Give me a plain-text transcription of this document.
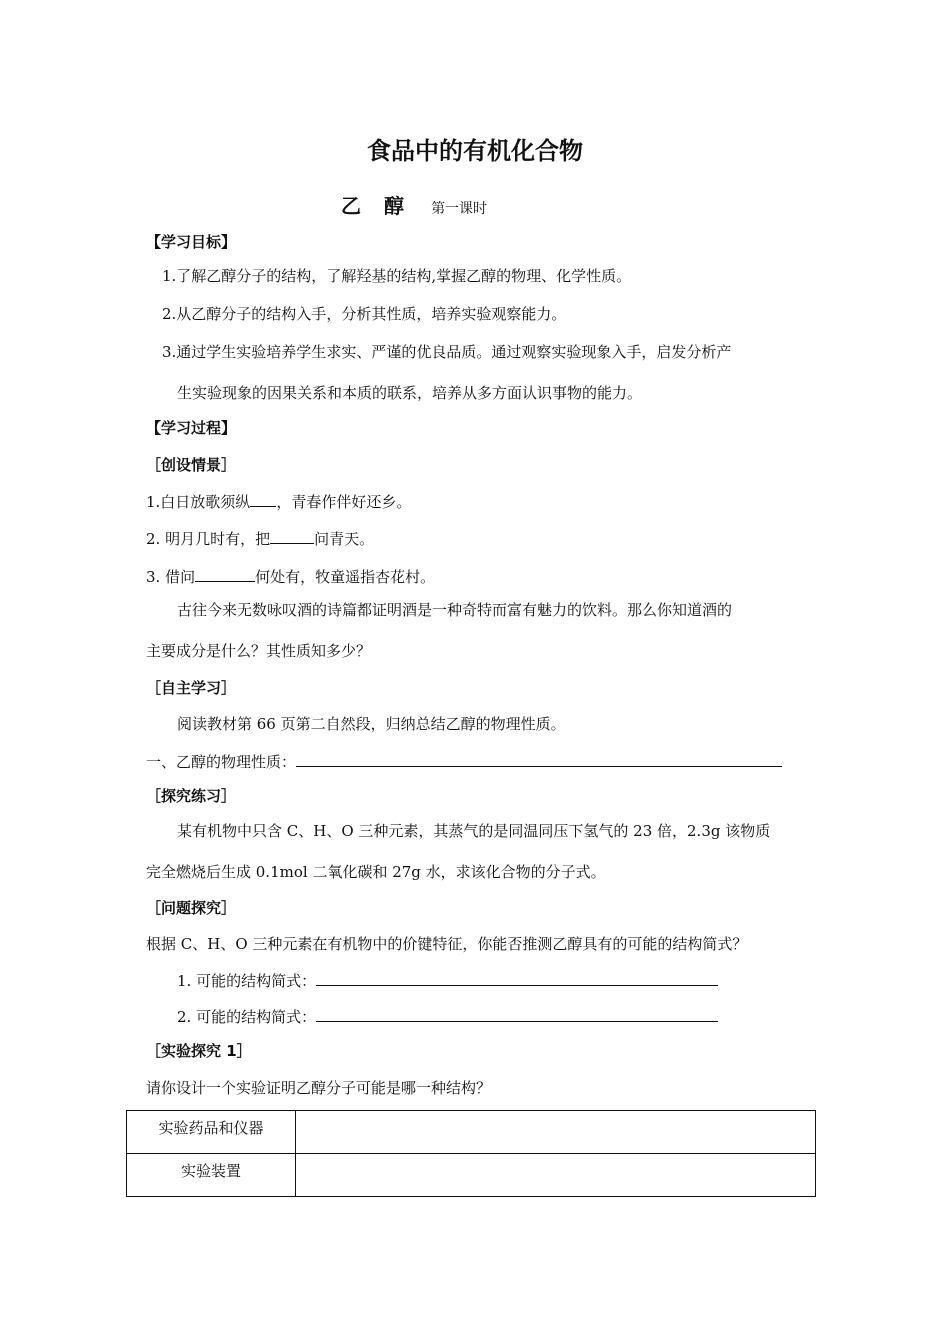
食品中的有机化合物
乙 醇 第一课时
【学习目标】
1.了解乙醇分子的结构，了解羟基的结构,掌握乙醇的物理、化学性质。
2.从乙醇分子的结构入手，分析其性质，培养实验观察能力。
3.通过学生实验培养学生求实、严谨的优良品质。通过观察实验现象入手，启发分析产
生实验现象的因果关系和本质的联系，培养从多方面认识事物的能力。
【学习过程】
［创设情景］
1.白日放歌须纵 ，青春作伴好还乡。
2. 明月几时有，把	问青天。
3. 借问	何处有，牧童遥指杏花村。
古往今来无数咏叹酒的诗篇都证明酒是一种奇特而富有魅力的饮料。那么你知道酒的
主要成分是什么？其性质知多少？
［自主学习］
阅读教材第 66 页第二自然段，归纳总结乙醇的物理性质。
一、乙醇的物理性质：
［探究练习］
某有机物中只含 C、H、O 三种元素，其蒸气的是同温同压下氢气的 23 倍，2.3g 该物质
完全燃烧后生成 0.1mol 二氧化碳和 27g 水，求该化合物的分子式。
［问题探究］
根据 C、H、O 三种元素在有机物中的价键特征，你能否推测乙醇具有的可能的结构简式？
1. 可能的结构简式：
2. 可能的结构简式：
［实验探究 1］
请你设计一个实验证明乙醇分子可能是哪一种结构？
实验药品和仪器	
实验装置	
